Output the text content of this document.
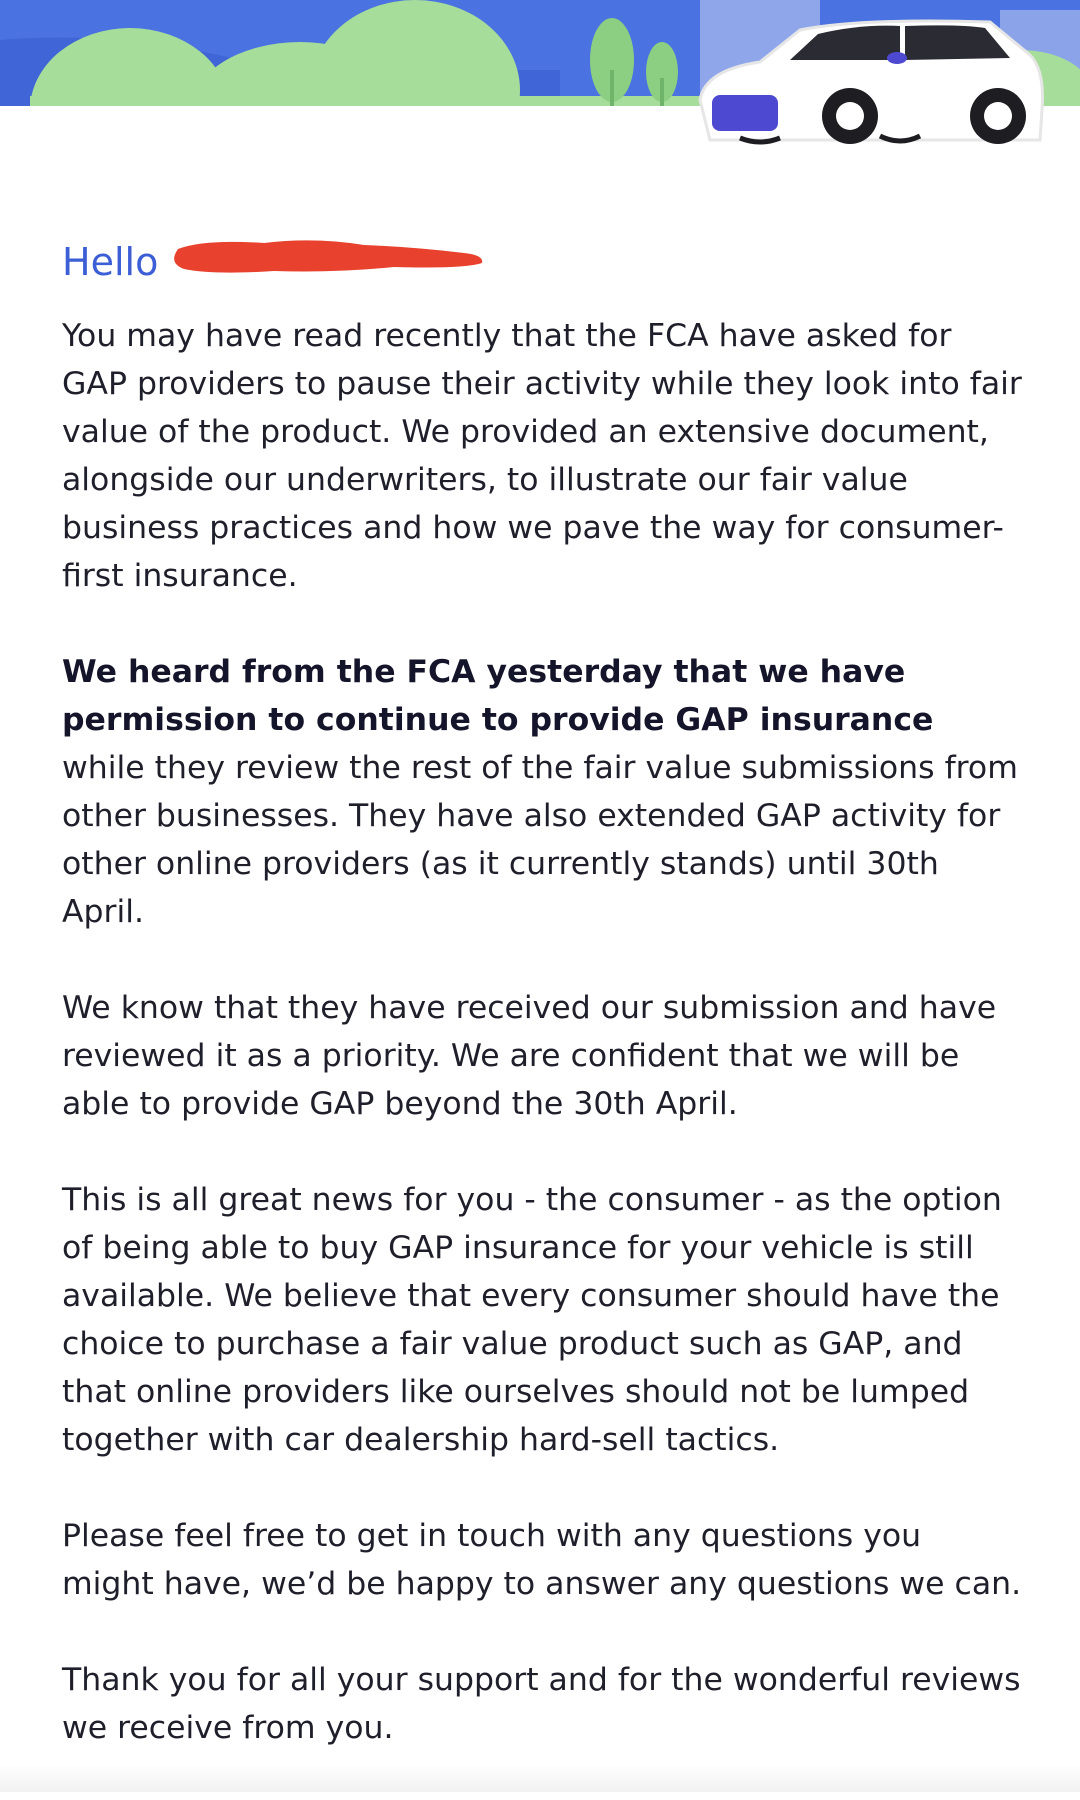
Hello

You may have read recently that the FCA have asked for GAP providers to pause their activity while they look into fair value of the product. We provided an extensive document, alongside our underwriters, to illustrate our fair value business practices and how we pave the way for consumer-first insurance.

We heard from the FCA yesterday that we have permission to continue to provide GAP insurance while they review the rest of the fair value submissions from other businesses. They have also extended GAP activity for other online providers (as it currently stands) until 30th April.

We know that they have received our submission and have reviewed it as a priority. We are confident that we will be able to provide GAP beyond the 30th April.

This is all great news for you - the consumer - as the option of being able to buy GAP insurance for your vehicle is still available. We believe that every consumer should have the choice to purchase a fair value product such as GAP, and that online providers like ourselves should not be lumped together with car dealership hard-sell tactics.

Please feel free to get in touch with any questions you might have, we’d be happy to answer any questions we can.

Thank you for all your support and for the wonderful reviews we receive from you.
